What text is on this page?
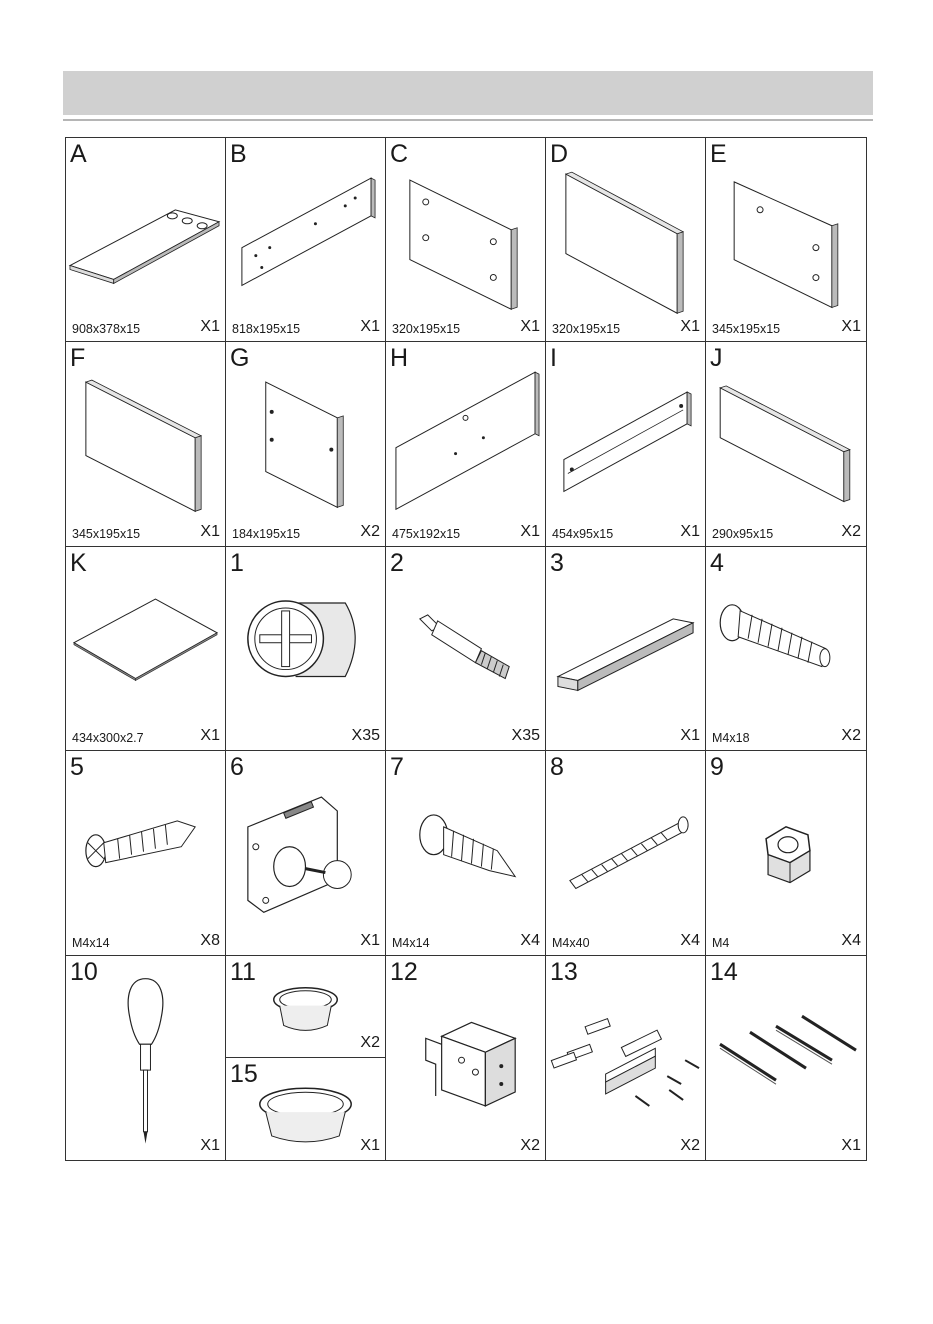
A
908x378x15	X1
B
818x195x15	X1
C
320x195x15	X1
D
320x195x15	X1
E
345x195x15	X1
F
345x195x15	X1
G
184x195x15	X2
H
475x192x15	X1
I
454x95x15	X1
J
290x95x15	X2
K
434x300x2.7	X1
1
X35
2
X35
3
X1
4
M4x18	X2
5
M4x14	X8
6
X1
7
M4x14	X4
8
M4x40	X4
9
M4	X4
10
X1
11
X2
15
X1
12
X2
13
X2
14
X1
